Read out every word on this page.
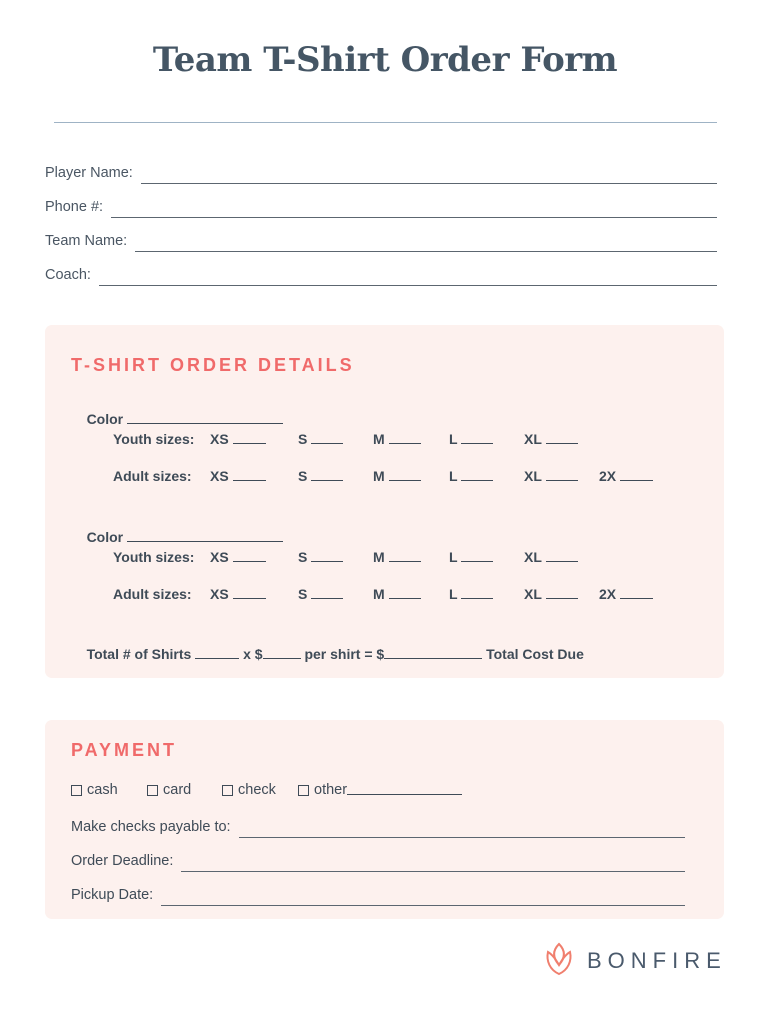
Team T-Shirt Order Form
Player Name:
Phone #:
Team Name:
Coach:
T-SHIRT ORDER DETAILS

Color

Youth sizes: XS	S	M	L	XL
Adult sizes: XS	S	M	L	XL	2X

Color

Youth sizes: XS	S	M	L	XL
Adult sizes: XS	S	M	L	XL	2X

Total # of Shirts	x $	per shirt = $	Total Cost Due

PAYMENT
cash	card	check	other
Make checks payable to:
Order Deadline:
Pickup Date:
BONFIRE
